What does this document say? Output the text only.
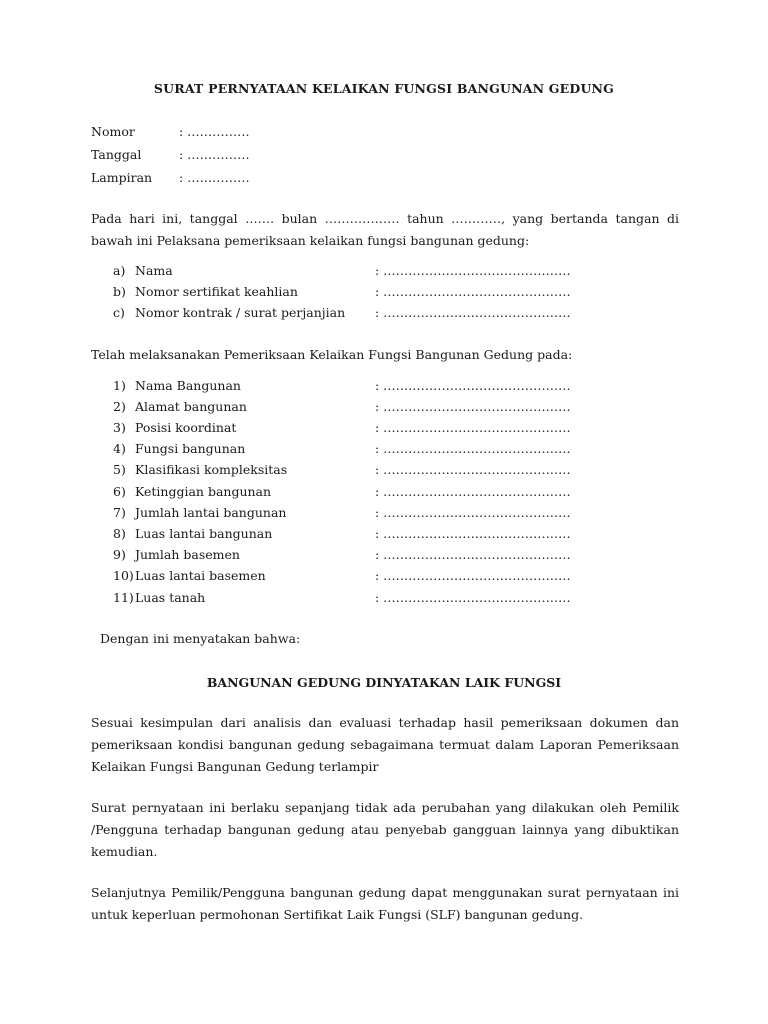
SURAT PERNYATAAN KELAIKAN FUNGSI BANGUNAN GEDUNG
Nomor	: ……………
Tanggal	: ……………
Lampiran : ……………
Pada hari ini, tanggal ……. bulan ……………… tahun …………, yang bertanda tangan di bawah ini Pelaksana pemeriksaan kelaikan fungsi bangunan gedung:
a) Nama	: ………………………………………
b) Nomor sertifikat keahlian	: ………………………………………
c) Nomor kontrak / surat perjanjian : ………………………………………
Telah melaksanakan Pemeriksaan Kelaikan Fungsi Bangunan Gedung pada:
1) Nama Bangunan	: ………………………………………
2) Alamat bangunan	: ………………………………………
3) Posisi koordinat	: ………………………………………
4) Fungsi bangunan	: ………………………………………
5) Klasifikasi kompleksitas	: ………………………………………
6) Ketinggian bangunan	: ………………………………………
7) Jumlah lantai bangunan	: ………………………………………
8) Luas lantai bangunan	: ………………………………………
9) Jumlah basemen	: ………………………………………
10) Luas lantai basemen	: ………………………………………
11) Luas tanah	: ………………………………………
Dengan ini menyatakan bahwa:
BANGUNAN GEDUNG DINYATAKAN LAIK FUNGSI
Sesuai kesimpulan dari analisis dan evaluasi terhadap hasil pemeriksaan dokumen dan pemeriksaan kondisi bangunan gedung sebagaimana termuat dalam Laporan Pemeriksaan Kelaikan Fungsi Bangunan Gedung terlampir
Surat pernyataan ini berlaku sepanjang tidak ada perubahan yang dilakukan oleh Pemilik /Pengguna terhadap bangunan gedung atau penyebab gangguan lainnya yang dibuktikan kemudian.
Selanjutnya Pemilik/Pengguna bangunan gedung dapat menggunakan surat pernyataan ini untuk keperluan permohonan Sertifikat Laik Fungsi (SLF) bangunan gedung.
